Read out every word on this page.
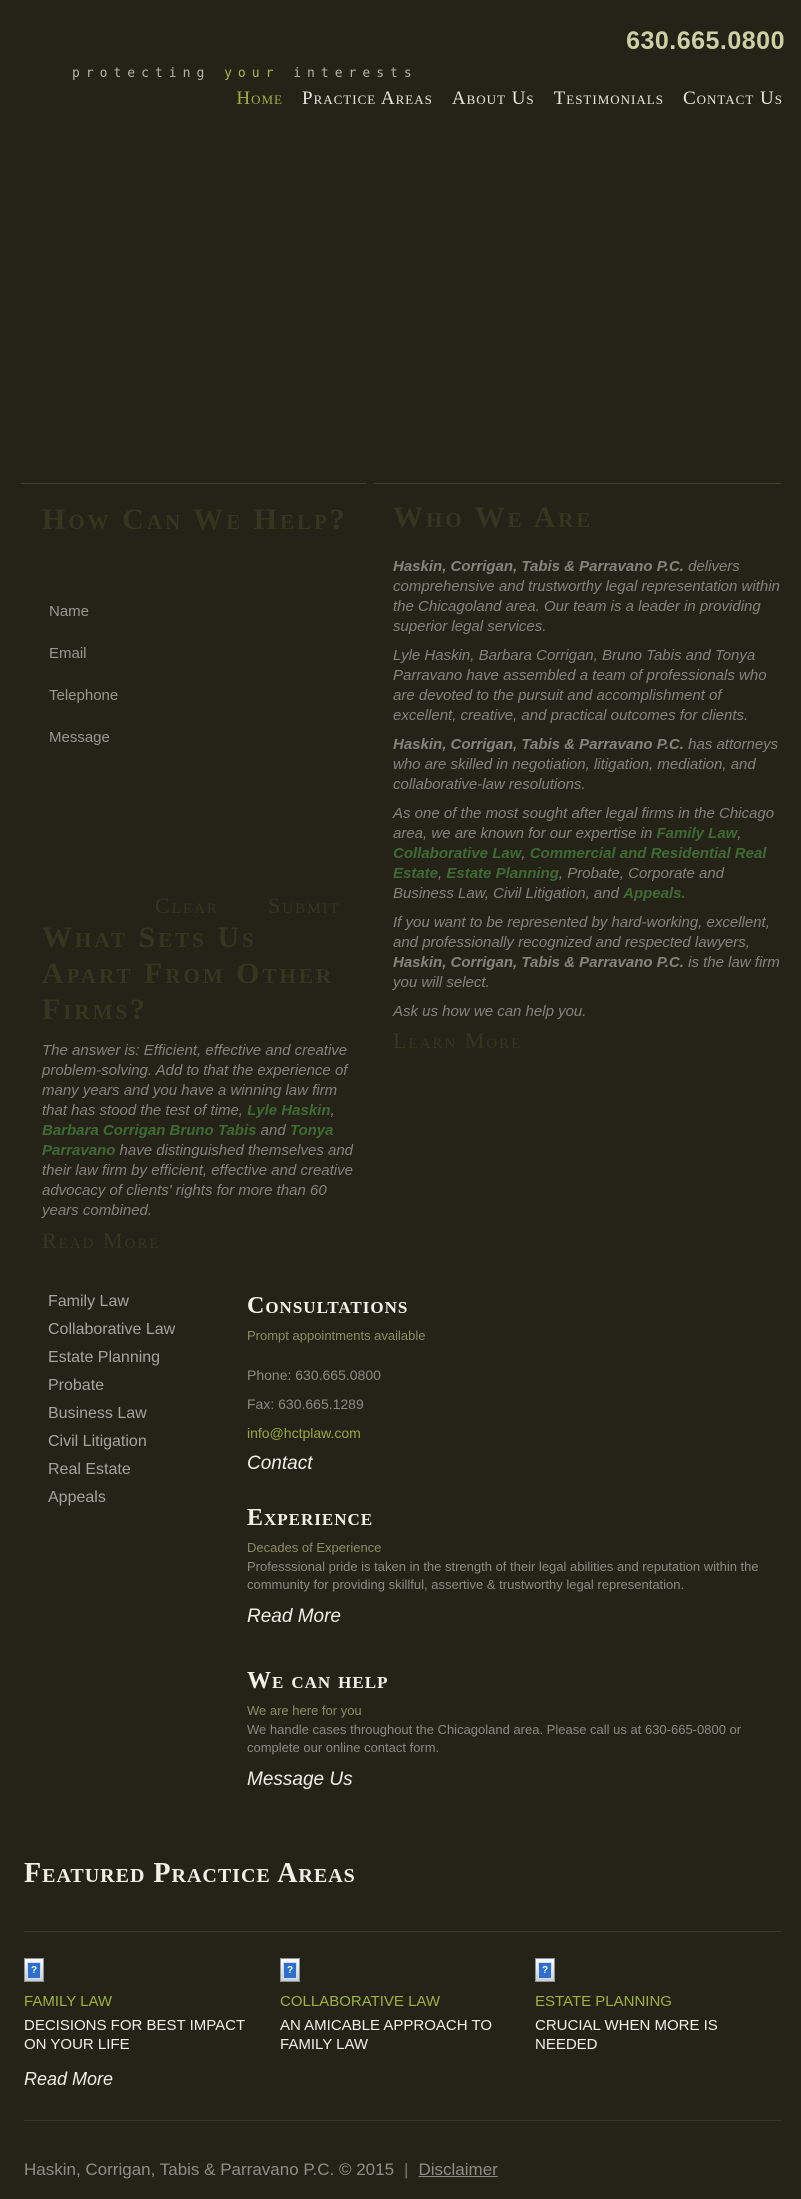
630.665.0800
protecting your interests
Home Practice Areas About Us Testimonials Contact Us
How Can We Help?
Name
Email
Telephone
Message
Clear Submit
What Sets Us Apart From Other Firms?
The answer is: Efficient, effective and creative problem-solving. Add to that the experience of many years and you have a winning law firm that has stood the test of time, Lyle Haskin, Barbara Corrigan Bruno Tabis and Tonya Parravano have distinguished themselves and their law firm by efficient, effective and creative advocacy of clients' rights for more than 60 years combined.
Read More
Who We Are

Haskin, Corrigan, Tabis & Parravano P.C. delivers comprehensive and trustworthy legal representation within the Chicagoland area. Our team is a leader in providing superior legal services.

Lyle Haskin, Barbara Corrigan, Bruno Tabis and Tonya Parravano have assembled a team of professionals who are devoted to the pursuit and accomplishment of excellent, creative, and practical outcomes for clients.

Haskin, Corrigan, Tabis & Parravano P.C. has attorneys who are skilled in negotiation, litigation, mediation, and collaborative-law resolutions.

As one of the most sought after legal firms in the Chicago area, we are known for our expertise in Family Law, Collaborative Law, Commercial and Residential Real Estate, Estate Planning, Probate, Corporate and Business Law, Civil Litigation, and Appeals.

If you want to be represented by hard-working, excellent, and professionally recognized and respected lawyers, Haskin, Corrigan, Tabis & Parravano P.C. is the law firm you will select.

Ask us how we can help you.

Learn More
Family Law
Collaborative Law
Estate Planning
Probate
Business Law
Civil Litigation
Real Estate
Appeals
Consultations
Prompt appointments available
Phone: 630.665.0800
Fax: 630.665.1289
info@hctplaw.com
Contact
Experience
Decades of Experience
Professsional pride is taken in the strength of their legal abilities and reputation within the community for providing skillful, assertive & trustworthy legal representation.
Read More
We can help
We are here for you
We handle cases throughout the Chicagoland area. Please call us at 630-665-0800 or complete our online contact form.
Message Us
Featured Practice Areas
?
FAMILY LAW
DECISIONS FOR BEST IMPACT ON YOUR LIFE
Read More
?
COLLABORATIVE LAW
AN AMICABLE APPROACH TO FAMILY LAW
?
ESTATE PLANNING
CRUCIAL WHEN MORE IS NEEDED
Haskin, Corrigan, Tabis & Parravano P.C. © 2015 | Disclaimer
